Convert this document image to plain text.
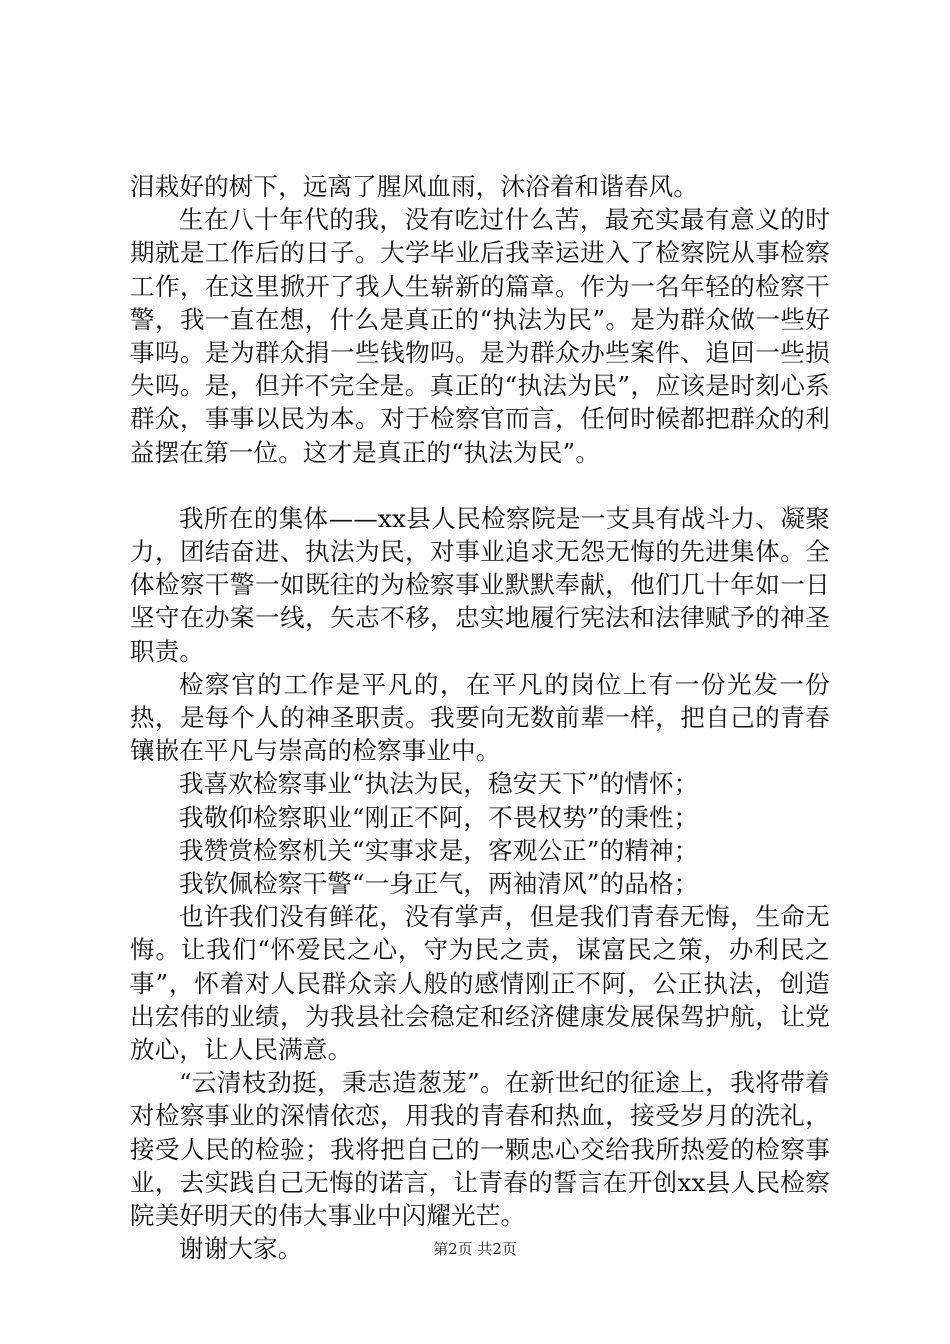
泪栽好的树下，远离了腥风血雨，沐浴着和谐春风。

生在八十年代的我，没有吃过什么苦，最充实最有意义的时期就是工作后的日子。大学毕业后我幸运进入了检察院从事检察工作，在这里掀开了我人生崭新的篇章。作为一名年轻的检察干警，我一直在想，什么是真正的“执法为民”。是为群众做一些好事吗。是为群众捐一些钱物吗。是为群众办些案件、追回一些损失吗。是，但并不完全是。真正的“执法为民”，应该是时刻心系群众，事事以民为本。对于检察官而言，任何时候都把群众的利益摆在第一位。这才是真正的“执法为民”。

我所在的集体——xx县人民检察院是一支具有战斗力、凝聚力，团结奋进、执法为民，对事业追求无怨无悔的先进集体。全体检察干警一如既往的为检察事业默默奉献，他们几十年如一日坚守在办案一线，矢志不移，忠实地履行宪法和法律赋予的神圣职责。

检察官的工作是平凡的，在平凡的岗位上有一份光发一份热，是每个人的神圣职责。我要向无数前辈一样，把自己的青春镶嵌在平凡与崇高的检察事业中。

我喜欢检察事业“执法为民，稳安天下”的情怀；

我敬仰检察职业“刚正不阿，不畏权势”的秉性；

我赞赏检察机关“实事求是，客观公正”的精神；

我钦佩检察干警“一身正气，两袖清风”的品格；

也许我们没有鲜花，没有掌声，但是我们青春无悔，生命无悔。让我们“怀爱民之心，守为民之责，谋富民之策，办利民之事”，怀着对人民群众亲人般的感情刚正不阿，公正执法，创造出宏伟的业绩，为我县社会稳定和经济健康发展保驾护航，让党放心，让人民满意。

“云清枝劲挺，秉志造葱茏”。在新世纪的征途上，我将带着对检察事业的深情依恋，用我的青春和热血，接受岁月的洗礼，接受人民的检验；我将把自己的一颗忠心交给我所热爱的检察事业，去实践自己无悔的诺言，让青春的誓言在开创xx县人民检察院美好明天的伟大事业中闪耀光芒。

谢谢大家。	第2页 共2页
